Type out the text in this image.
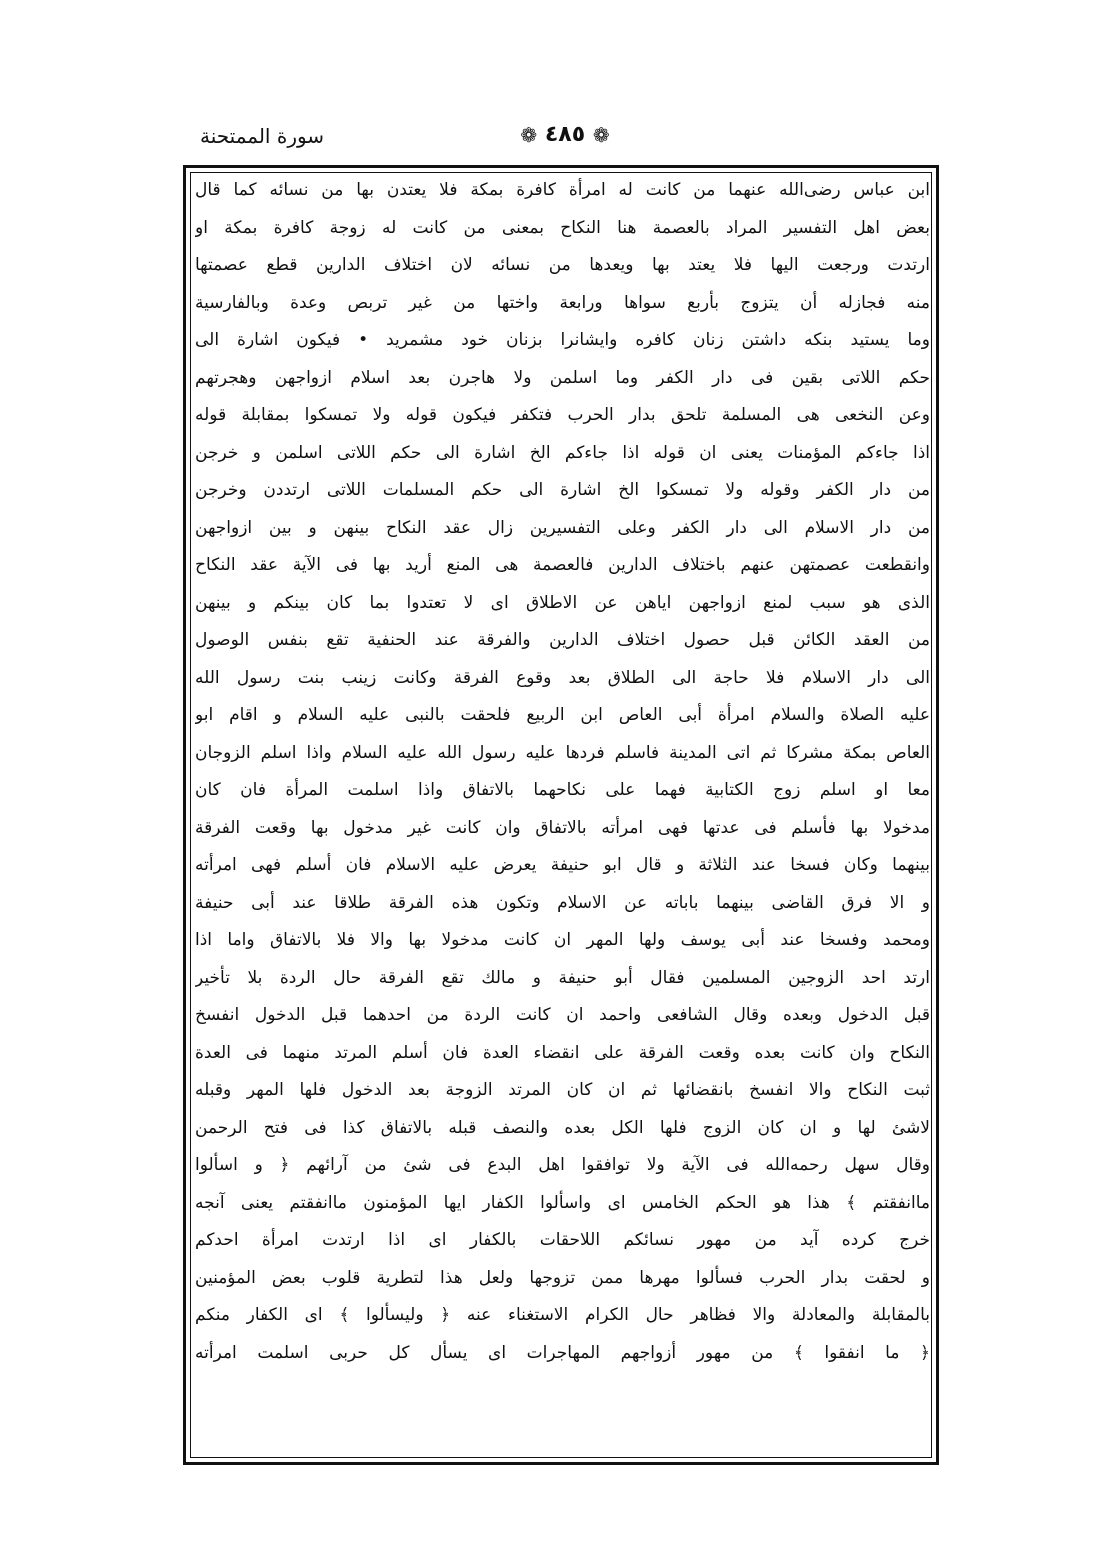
سورة الممتحنة	❁ ٤٨٥ ❁
ابن عباس رضى‌الله عنهما من كانت له امرأة كافرة بمكة فلا يعتدن بها من نسائه كما قال
بعض اهل التفسير المراد بالعصمة هنا النكاح بمعنى من كانت له زوجة كافرة بمكة او
ارتدت ورجعت اليها فلا يعتد بها ويعدها من نسائه لان اختلاف الدارين قطع عصمتها
منه فجازله أن يتزوج بأربع سواها ورابعة واختها من غير تربص وعدة وبالفارسية
وما يستيد بنكه داشتن زنان كافره وايشانرا بزنان خود مشمريد • فيكون اشارة الى
حكم اللاتى بقين فى دار الكفر وما اسلمن ولا هاجرن بعد اسلام ازواجهن وهجرتهم
وعن النخعى هى المسلمة تلحق بدار الحرب فتكفر فيكون قوله ولا تمسكوا بمقابلة قوله
اذا جاءكم المؤمنات يعنى ان قوله اذا جاءكم الخ اشارة الى حكم اللاتى اسلمن و خرجن
من دار الكفر وقوله ولا تمسكوا الخ اشارة الى حكم المسلمات اللاتى ارتددن وخرجن
من دار الاسلام الى دار الكفر وعلى التفسيرين زال عقد النكاح بينهن و بين ازواجهن
وانقطعت عصمتهن عنهم باختلاف الدارين فالعصمة هى المنع أريد بها فى الآية عقد النكاح
الذى هو سبب لمنع ازواجهن اياهن عن الاطلاق اى لا تعتدوا بما كان بينكم و بينهن
من العقد الكائن قبل حصول اختلاف الدارين والفرقة عند الحنفية تقع بنفس الوصول
الى دار الاسلام فلا حاجة الى الطلاق بعد وقوع الفرقة وكانت زينب بنت رسول الله
عليه الصلاة والسلام امرأة أبى العاص ابن الربيع فلحقت بالنبى عليه السلام و اقام ابو
العاص بمكة مشركا ثم اتى المدينة فاسلم فردها عليه رسول الله عليه السلام واذا اسلم الزوجان
معا او اسلم زوج الكتابية فهما على نكاحهما بالاتفاق واذا اسلمت المرأة فان كان
مدخولا بها فأسلم فى عدتها فهى امرأته بالاتفاق وان كانت غير مدخول بها وقعت الفرقة
بينهما وكان فسخا عند الثلاثة و قال ابو حنيفة يعرض عليه الاسلام فان أسلم فهى امرأته
و الا فرق القاضى بينهما باباته عن الاسلام وتكون هذه الفرقة طلاقا عند أبى حنيفة
ومحمد وفسخا عند أبى يوسف ولها المهر ان كانت مدخولا بها والا فلا بالاتفاق واما اذا
ارتد احد الزوجين المسلمين فقال أبو حنيفة و مالك تقع الفرقة حال الردة بلا تأخير
قبل الدخول وبعده وقال الشافعى واحمد ان كانت الردة من احدهما قبل الدخول انفسخ
النكاح وان كانت بعده وقعت الفرقة على انقضاء العدة فان أسلم المرتد منهما فى العدة
ثبت النكاح والا انفسخ بانقضائها ثم ان كان المرتد الزوجة بعد الدخول فلها المهر وقبله
لاشئ لها و ان كان الزوج فلها الكل بعده والنصف قبله بالاتفاق كذا فى فتح الرحمن
وقال سهل رحمه‌الله فى الآية ولا توافقوا اهل البدع فى شئ من آرائهم ﴿ و اسألوا
ماانفقتم ﴾ هذا هو الحكم الخامس اى واسألوا الكفار ايها المؤمنون ماانفقتم يعنى آنجه
خرج كرده آيد من مهور نسائكم اللاحقات بالكفار اى اذا ارتدت امرأة احدكم
و لحقت بدار الحرب فسألوا مهرها ممن تزوجها ولعل هذا لتطرية قلوب بعض المؤمنين
بالمقابلة والمعادلة والا فظاهر حال الكرام الاستغناء عنه ﴿ وليسألوا ﴾ اى الكفار منكم
﴿ ما انفقوا ﴾ من مهور أزواجهم المهاجرات اى يسأل كل حربى اسلمت امرأته
